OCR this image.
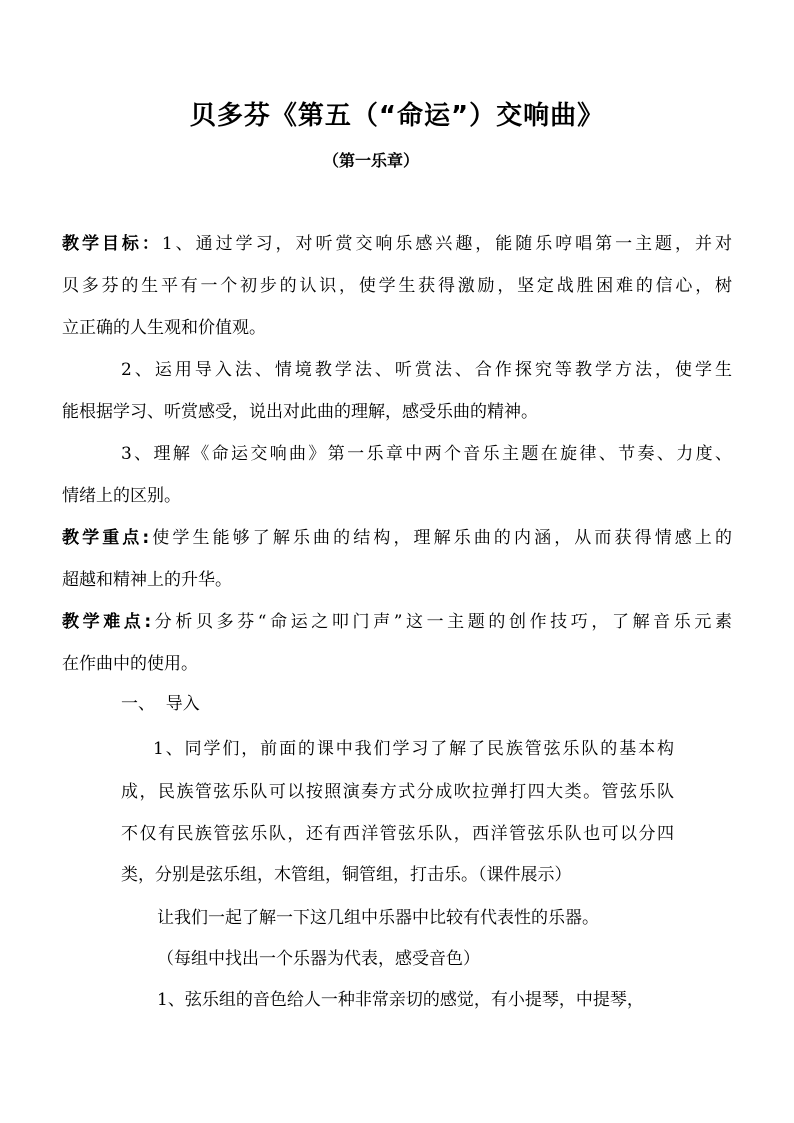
贝多芬《第五（“命运”）交响曲》
（第一乐章）
教学目标：1、通过学习，对听赏交响乐感兴趣，能随乐哼唱第一主题，并对
贝多芬的生平有一个初步的认识，使学生获得激励，坚定战胜困难的信心，树
立正确的人生观和价值观。
2、运用导入法、情境教学法、听赏法、合作探究等教学方法，使学生
能根据学习、听赏感受，说出对此曲的理解，感受乐曲的精神。
3、理解《命运交响曲》第一乐章中两个音乐主题在旋律、节奏、力度、
情绪上的区别。
教学重点:使学生能够了解乐曲的结构，理解乐曲的内涵，从而获得情感上的
超越和精神上的升华。
教学难点:分析贝多芬“命运之叩门声”这一主题的创作技巧，了解音乐元素
在作曲中的使用。
一、  导入
1、同学们，前面的课中我们学习了解了民族管弦乐队的基本构
成，民族管弦乐队可以按照演奏方式分成吹拉弹打四大类。管弦乐队
不仅有民族管弦乐队，还有西洋管弦乐队，西洋管弦乐队也可以分四
类，分别是弦乐组，木管组，铜管组，打击乐。（课件展示）
让我们一起了解一下这几组中乐器中比较有代表性的乐器。
（每组中找出一个乐器为代表，感受音色）
1、弦乐组的音色给人一种非常亲切的感觉，有小提琴，中提琴，
